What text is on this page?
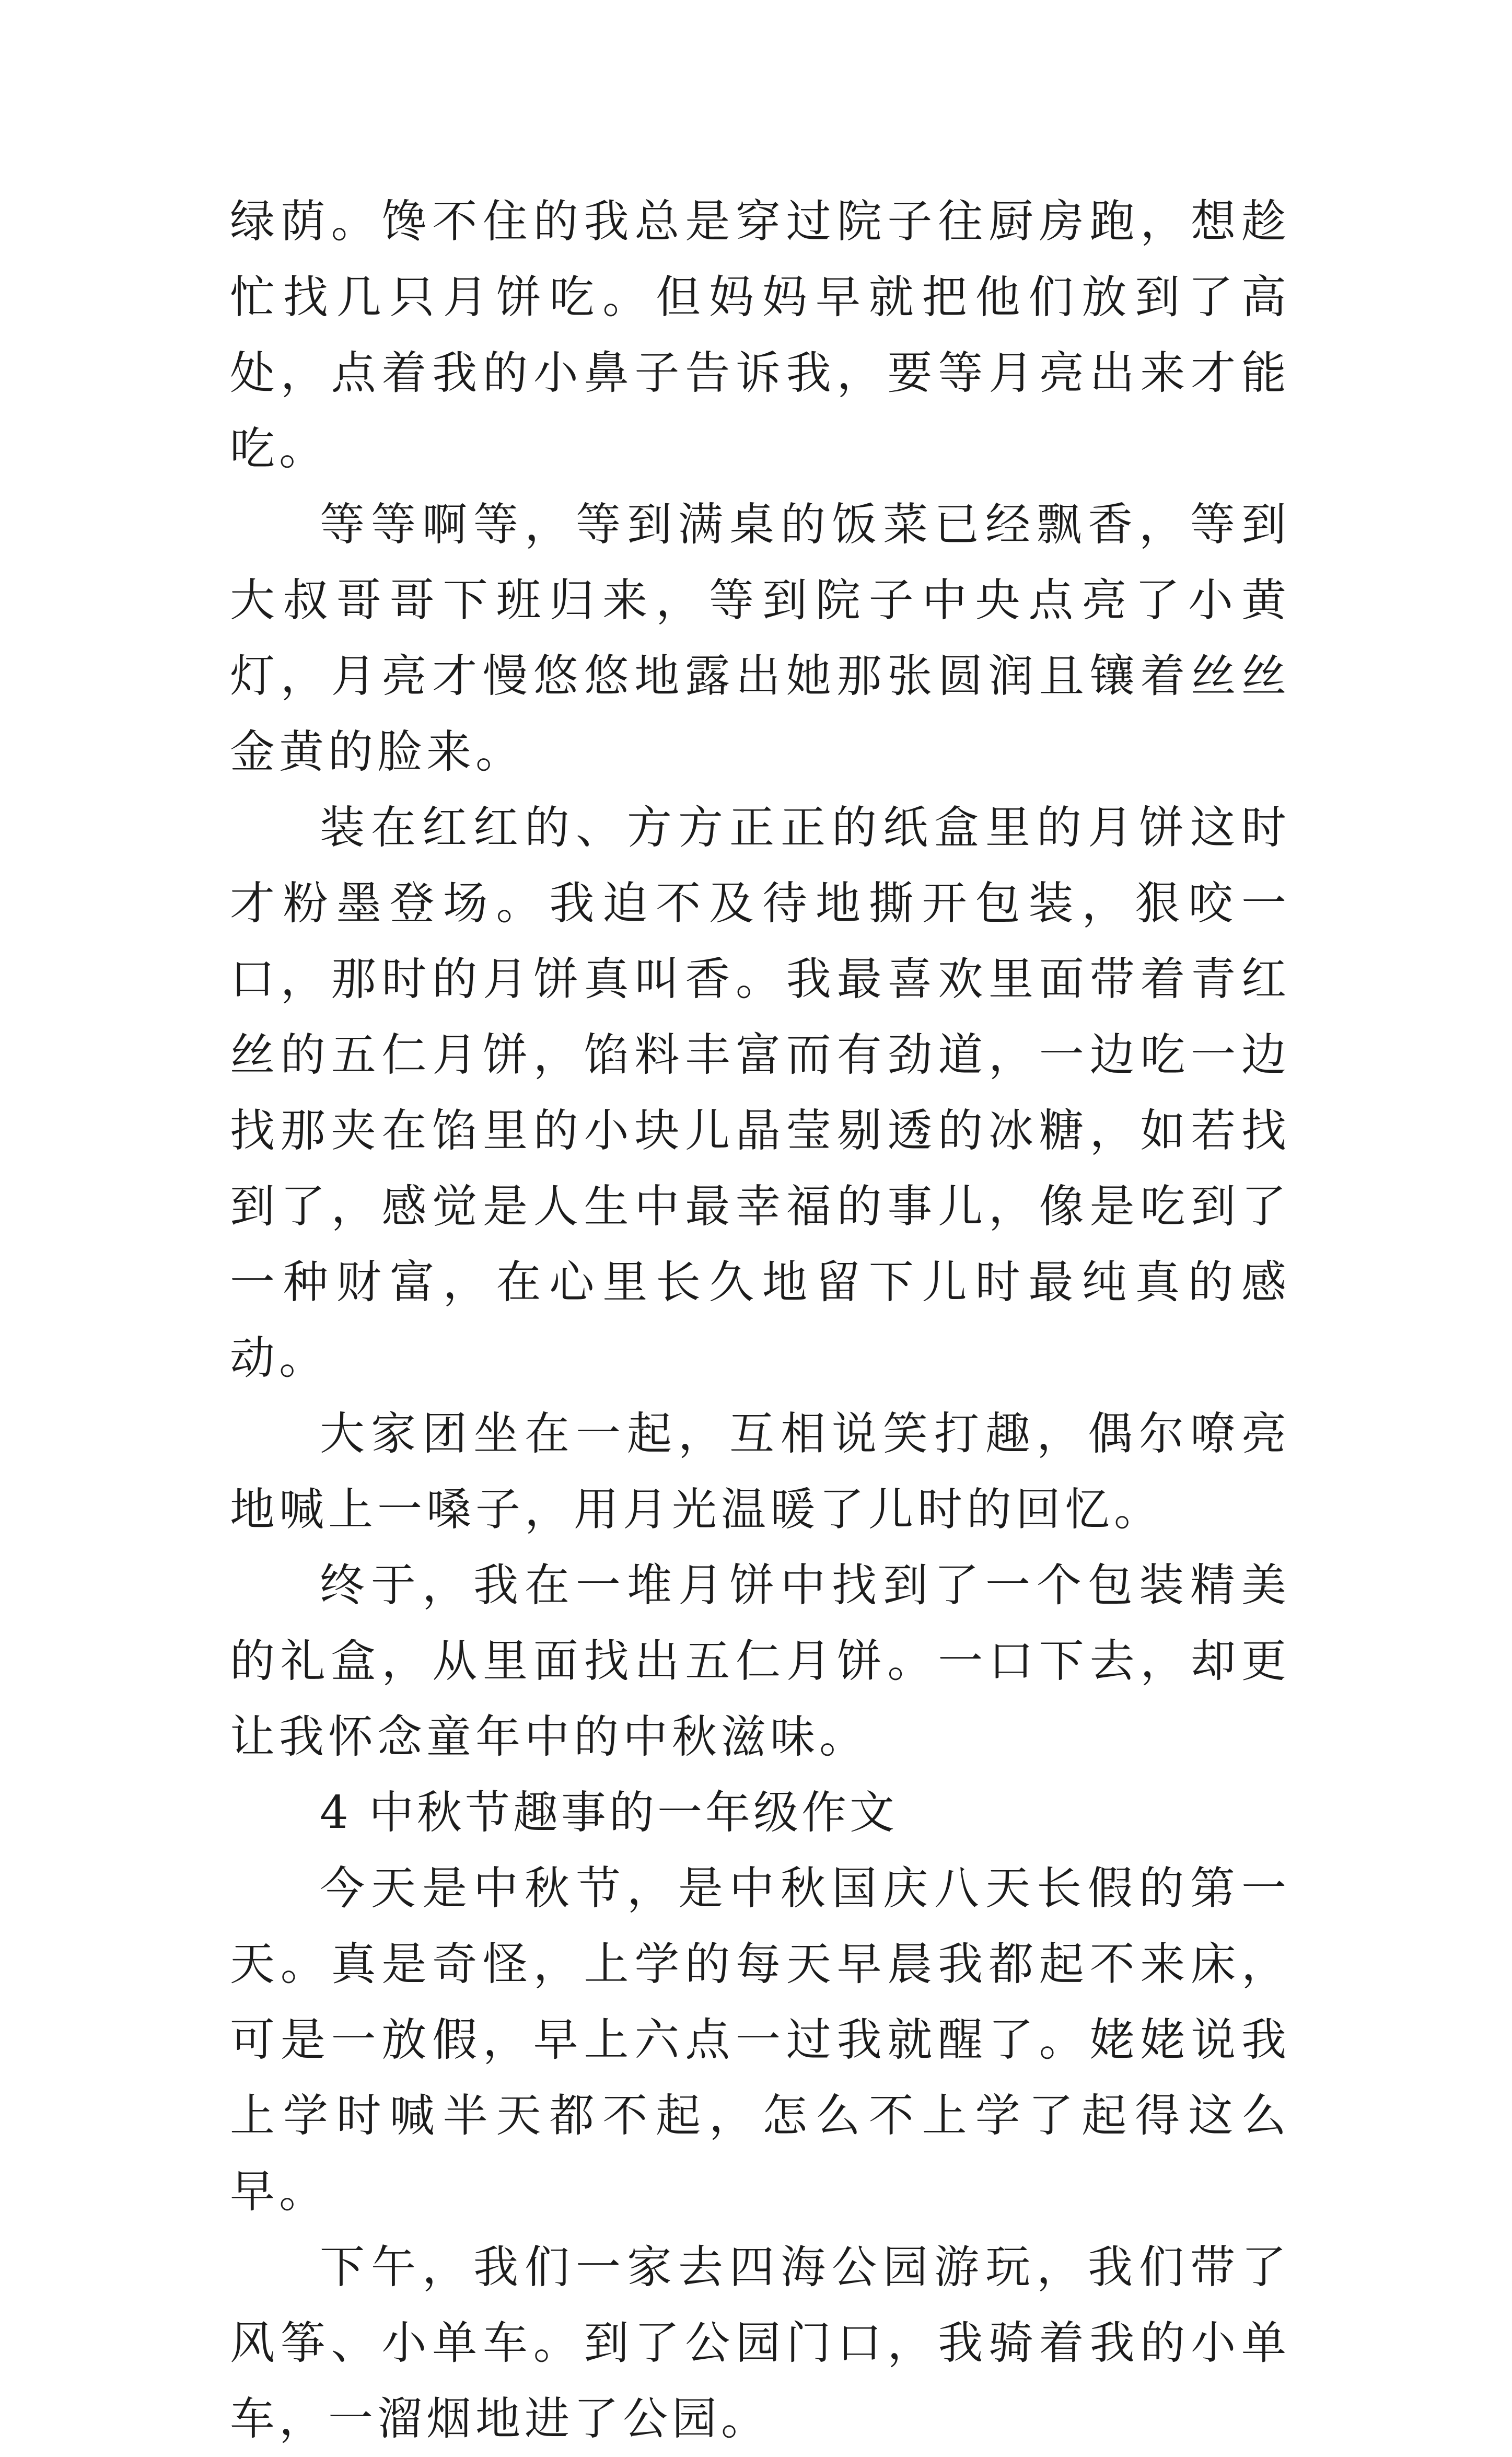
绿荫。馋不住的我总是穿过院子往厨房跑，想趁忙找几只月饼吃。但妈妈早就把他们放到了高处，点着我的小鼻子告诉我，要等月亮出来才能吃。

等等啊等，等到满桌的饭菜已经飘香，等到大叔哥哥下班归来，等到院子中央点亮了小黄灯，月亮才慢悠悠地露出她那张圆润且镶着丝丝金黄的脸来。

装在红红的、方方正正的纸盒里的月饼这时才粉墨登场。我迫不及待地撕开包装，狠咬一口，那时的月饼真叫香。我最喜欢里面带着青红丝的五仁月饼，馅料丰富而有劲道，一边吃一边找那夹在馅里的小块儿晶莹剔透的冰糖，如若找到了，感觉是人生中最幸福的事儿，像是吃到了一种财富，在心里长久地留下儿时最纯真的感动。

大家团坐在一起，互相说笑打趣，偶尔嘹亮地喊上一嗓子，用月光温暖了儿时的回忆。

终于，我在一堆月饼中找到了一个包装精美的礼盒，从里面找出五仁月饼。一口下去，却更让我怀念童年中的中秋滋味。

4 中秋节趣事的一年级作文

今天是中秋节，是中秋国庆八天长假的第一天。真是奇怪，上学的每天早晨我都起不来床，可是一放假，早上六点一过我就醒了。姥姥说我上学时喊半天都不起，怎么不上学了起得这么早。

下午，我们一家去四海公园游玩，我们带了风筝、小单车。到了公园门口，我骑着我的小单车，一溜烟地进了公园。
